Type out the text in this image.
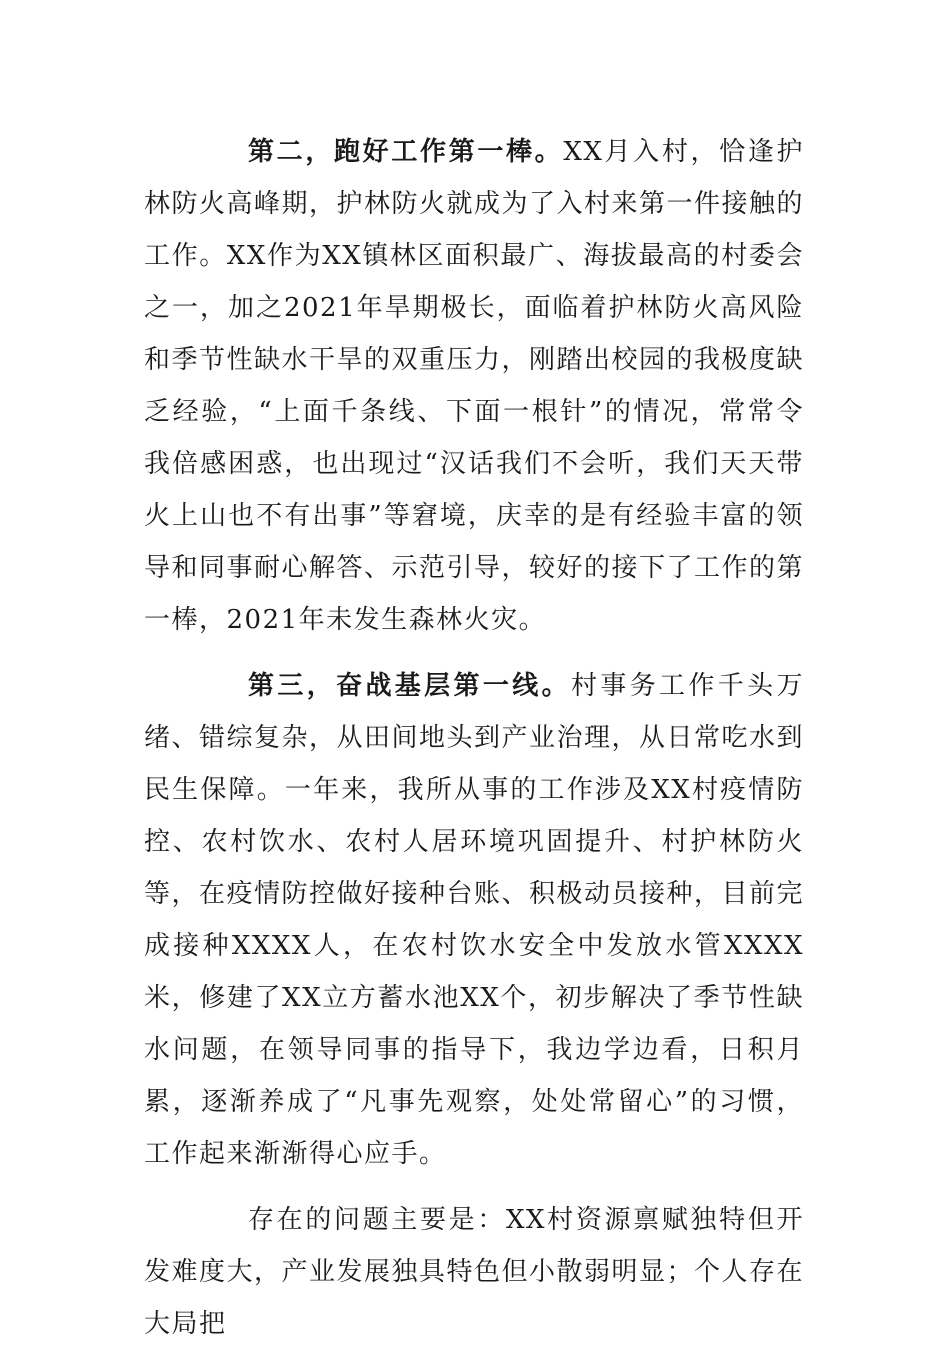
第二，跑好工作第一棒。XX月入村，恰逢护林防火高峰期，护林防火就成为了入村来第一件接触的工作。XX作为XX镇林区面积最广、海拔最高的村委会之一，加之2021年旱期极长，面临着护林防火高风险和季节性缺水干旱的双重压力，刚踏出校园的我极度缺乏经验，“上面千条线、下面一根针”的情况，常常令我倍感困惑，也出现过“汉话我们不会听，我们天天带火上山也不有出事”等窘境，庆幸的是有经验丰富的领导和同事耐心解答、示范引导，较好的接下了工作的第一棒，2021年未发生森林火灾。

第三，奋战基层第一线。村事务工作千头万绪、错综复杂，从田间地头到产业治理，从日常吃水到民生保障。一年来，我所从事的工作涉及XX村疫情防控、农村饮水、农村人居环境巩固提升、村护林防火等，在疫情防控做好接种台账、积极动员接种，目前完成接种XXXX人，在农村饮水安全中发放水管XXXX米，修建了XX立方蓄水池XX个，初步解决了季节性缺水问题，在领导同事的指导下，我边学边看，日积月累，逐渐养成了“凡事先观察，处处常留心”的习惯，工作起来渐渐得心应手。

存在的问题主要是：XX村资源禀赋独特但开发难度大，产业发展独具特色但小散弱明显；个人存在大局把
